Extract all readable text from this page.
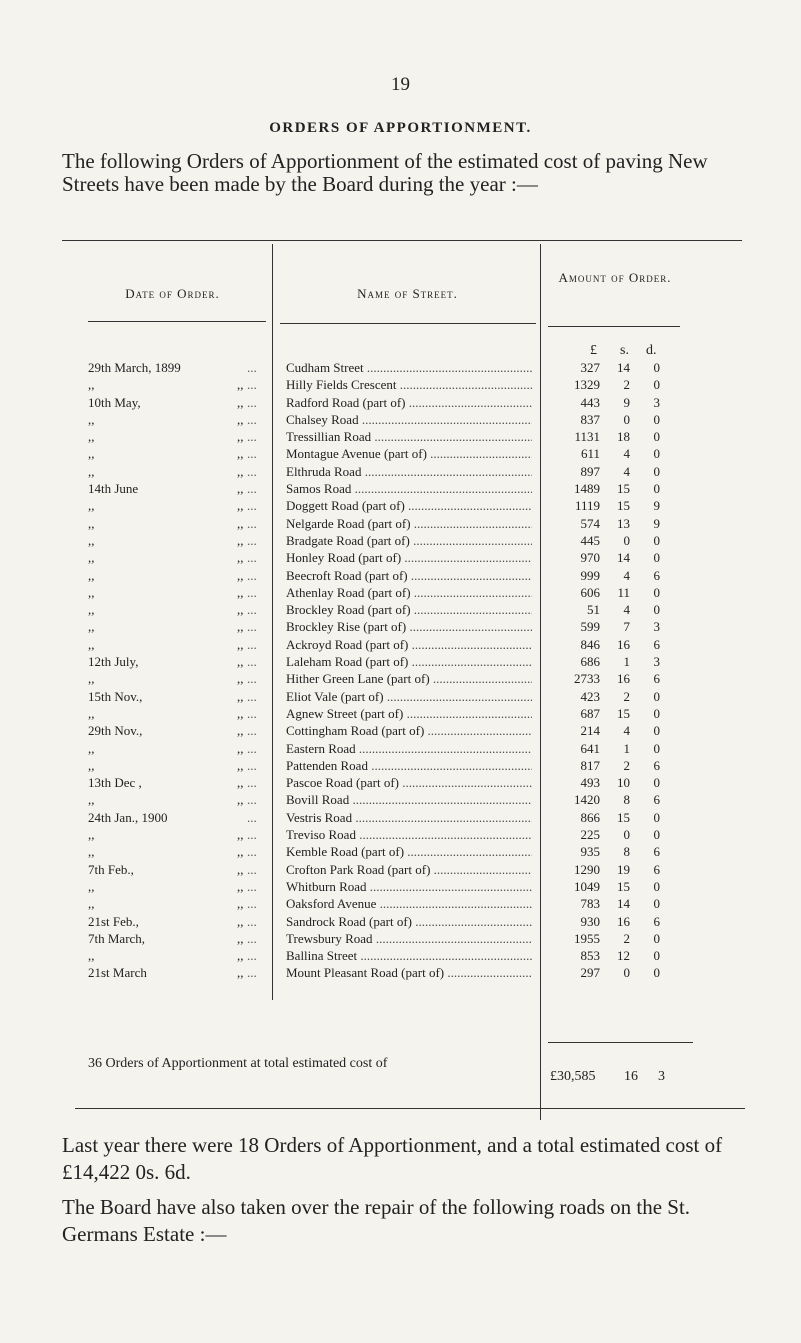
19
ORDERS OF APPORTIONMENT.
The following Orders of Apportionment of the estimated cost of paving New Streets have been made by the Board during the year :—
Date of Order.	Name of Street.
Amount of Order.
£ s. d.
29th March, 1899	Cudham Street .....	327	14	0
...
,,	,,	Hilly Fields Crescent .....	1329	2	0
...
10th May,	,,	Radford Road (part of) .....	443	9	3
...
,,	,,	Chalsey Road .....	837	0	0
...
,,	,,	Tressillian Road .....	1131	18	0
...
,,	,,	Montague Avenue (part of) .....	611	4	0
...
,,	,,	Elthruda Road .....	897	4	0
...
14th June	,,	Samos Road .....	1489	15	0
...
,,	,,	Doggett Road (part of) .....	1119	15	9
...
,,	,,	Nelgarde Road (part of) .....	574	13	9
...
,,	,,	Bradgate Road (part of) .....	445	0	0
...
,,	,,	Honley Road (part of) .....	970	14	0
...
,,	,,	Beecroft Road (part of) .....	999	4	6
...
,,	,,	Athenlay Road (part of) .....	606	11	0
...
,,	,,	Brockley Road (part of) .....	51	4	0
...
,,	,,	Brockley Rise (part of) .....	599	7	3
...
,,	,,	Ackroyd Road (part of) .....	846	16	6
...
12th July,	,,	Laleham Road (part of) .....	686	1	3
...
,,	,,	Hither Green Lane (part of) .....	2733	16	6
...
15th Nov.,	,,	Eliot Vale (part of) .....	423	2	0
...
,,	,,	Agnew Street (part of) .....	687	15	0
...
29th Nov.,	,,	Cottingham Road (part of) .....	214	4	0
...
,,	,,	Eastern Road .....	641	1	0
...
,,	,,	Pattenden Road .....	817	2	6
...
13th Dec ,	,,	Pascoe Road (part of) .....	493	10	0
...
,,	,,	Bovill Road .....	1420	8	6
...
24th Jan., 1900	Vestris Road .....	866	15	0
...
,,	,,	Treviso Road .....	225	0	0
...
,,	,,	Kemble Road (part of) .....	935	8	6
...
7th Feb.,	,,	Crofton Park Road (part of) .....	1290	19	6
...
,,	,,	Whitburn Road .....	1049	15	0
...
,,	,,	Oaksford Avenue .....	783	14	0
...
21st Feb.,	,,	Sandrock Road (part of) .....	930	16	6
...
7th March,	,,	Trewsbury Road .....	1955	2	0
...
,,	,,	Ballina Street .....	853	12	0
...
21st March	,,	Mount Pleasant Road (part of) .....	297	0	0
...
36 Orders of Apportionment at total estimated cost of
£30,585 16 3
Last year there were 18 Orders of Apportionment, and a total estimated cost of £14,422 0s. 6d.
The Board have also taken over the repair of the following roads on the St. Germans Estate :—
